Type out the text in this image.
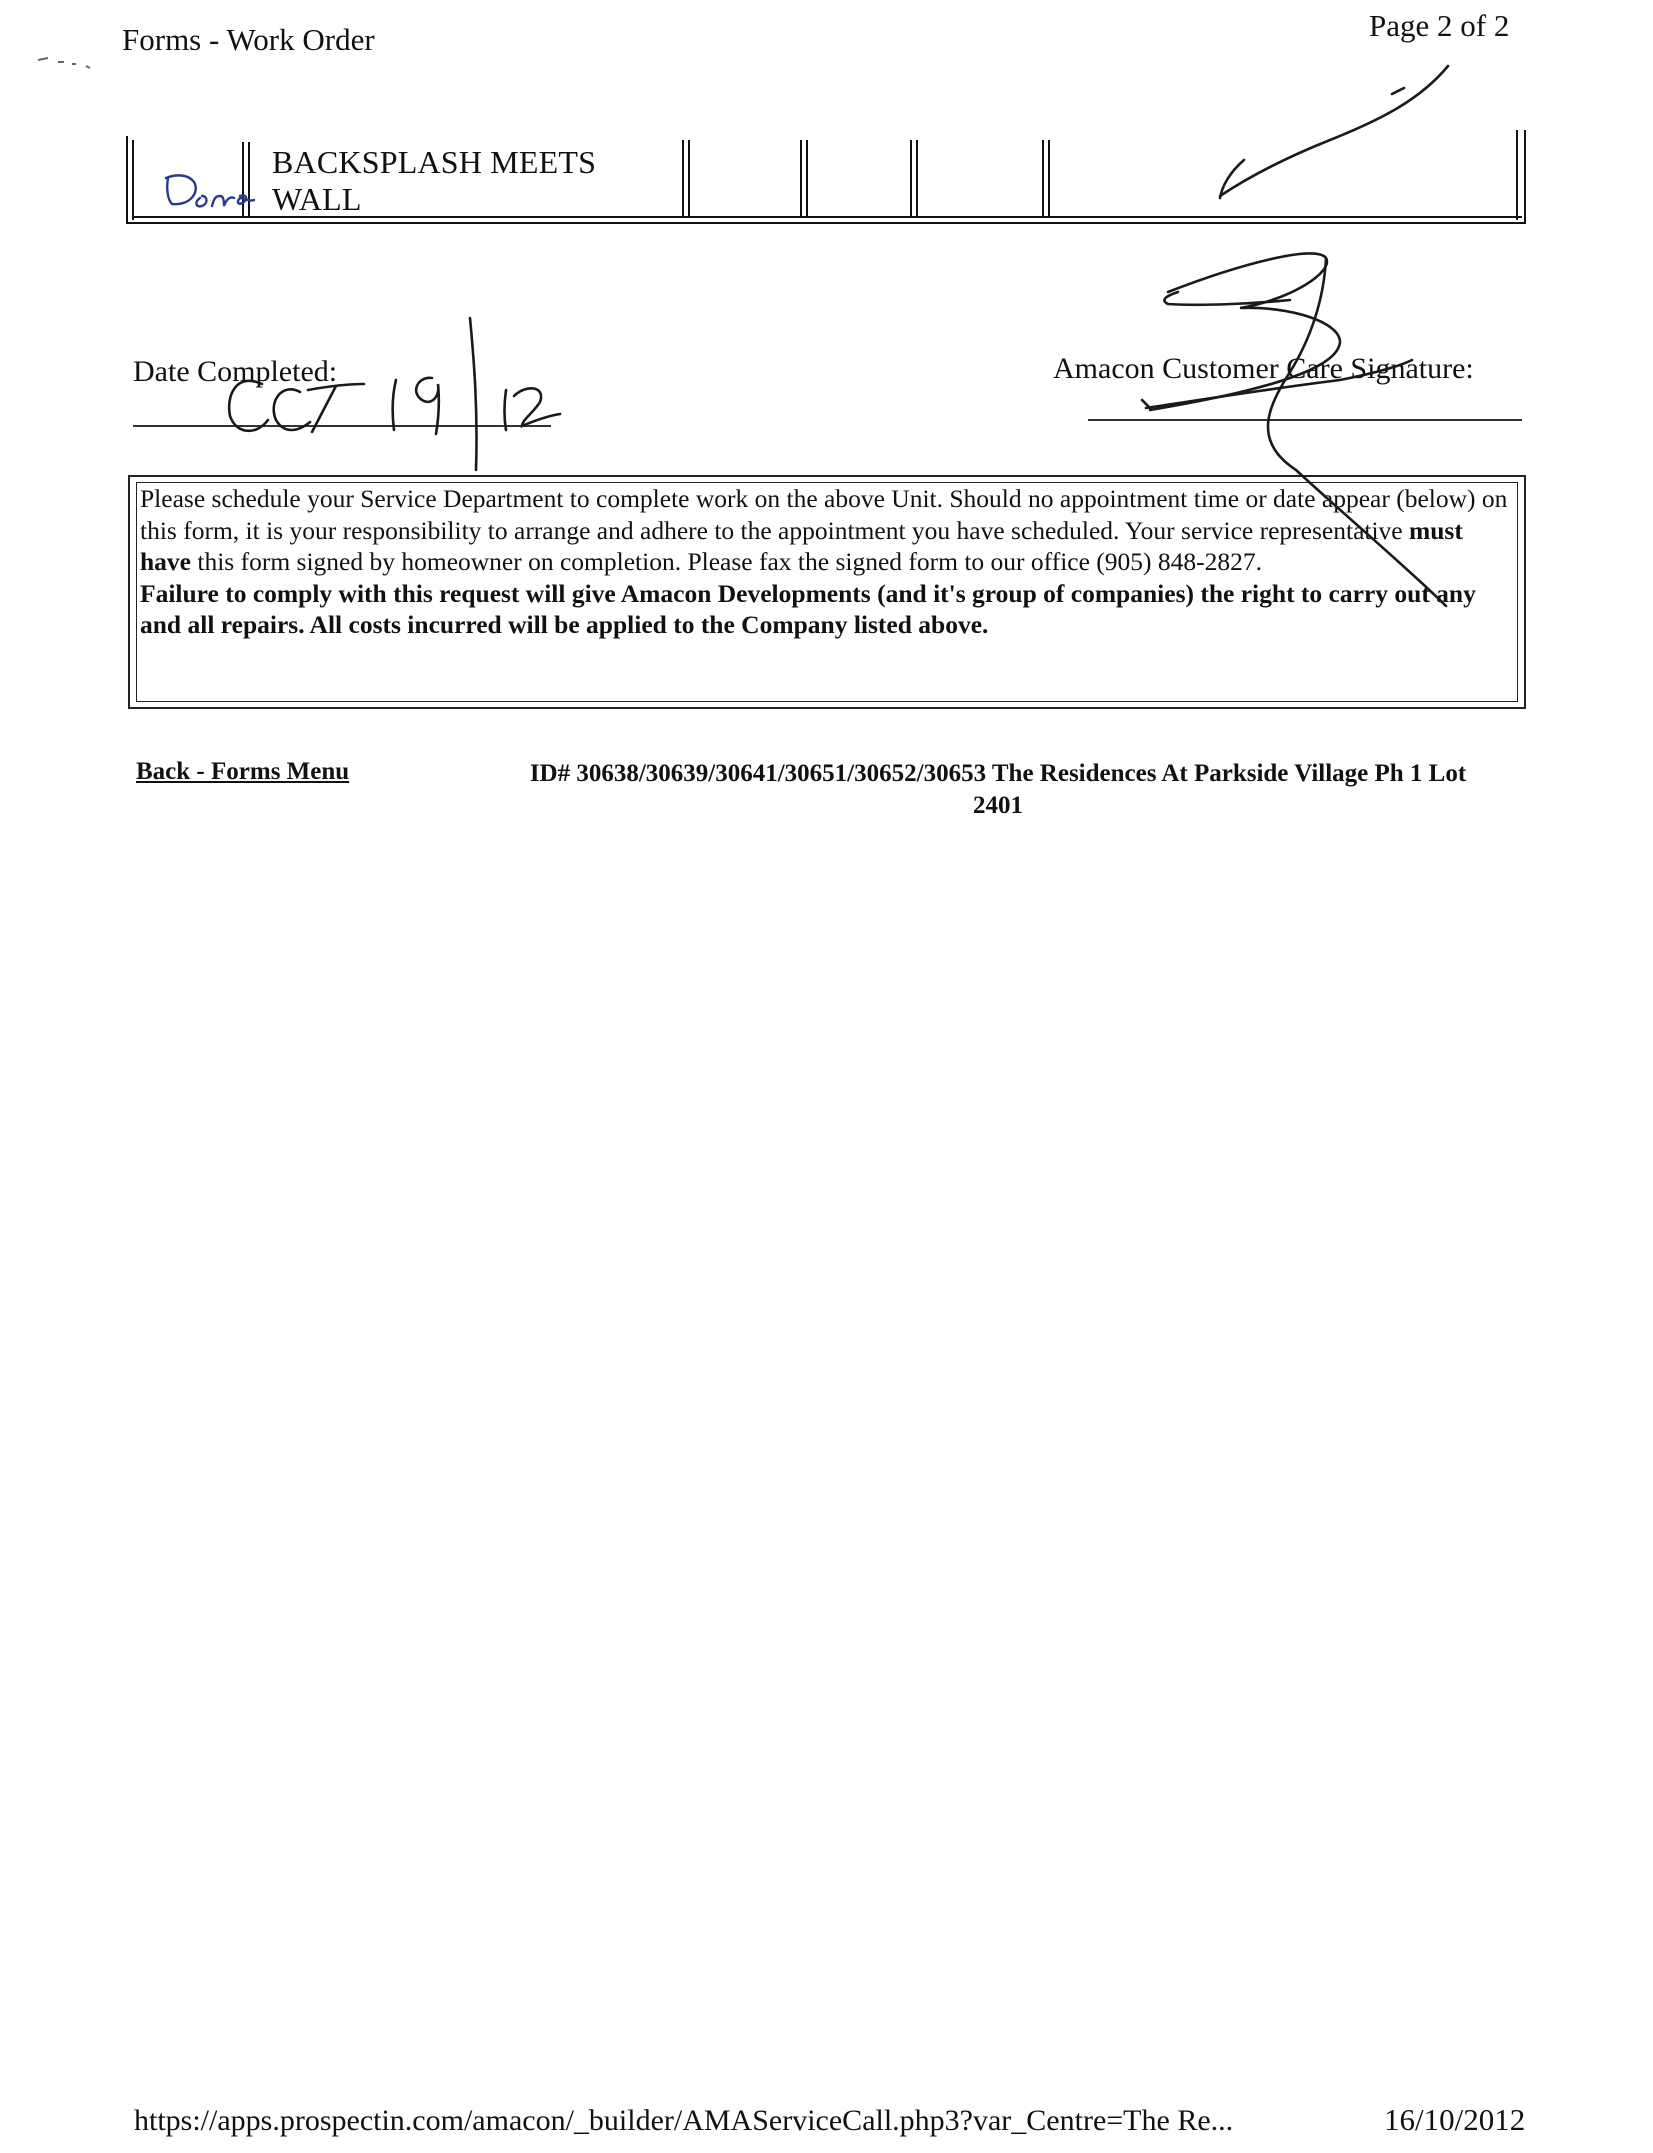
Forms - Work Order	Page 2 of 2
BACKSPLASH MEETS
WALL
Date Completed:	Amacon Customer Care Signature:
Please schedule your Service Department to complete work on the above Unit. Should no appointment time or date appear (below) on this form, it is your responsibility to arrange and adhere to the appointment you have scheduled. Your service representative must have this form signed by homeowner on completion. Please fax the signed form to our office (905) 848-2827.
Failure to comply with this request will give Amacon Developments (and it's group of companies) the right to carry out any and all repairs. All costs incurred will be applied to the Company listed above.
Back - Forms Menu	ID# 30638/30639/30641/30651/30652/30653 The Residences At Parkside Village Ph 1 Lot
2401
https://apps.prospectin.com/amacon/_builder/AMAServiceCall.php3?var_Centre=The Re...	16/10/2012
